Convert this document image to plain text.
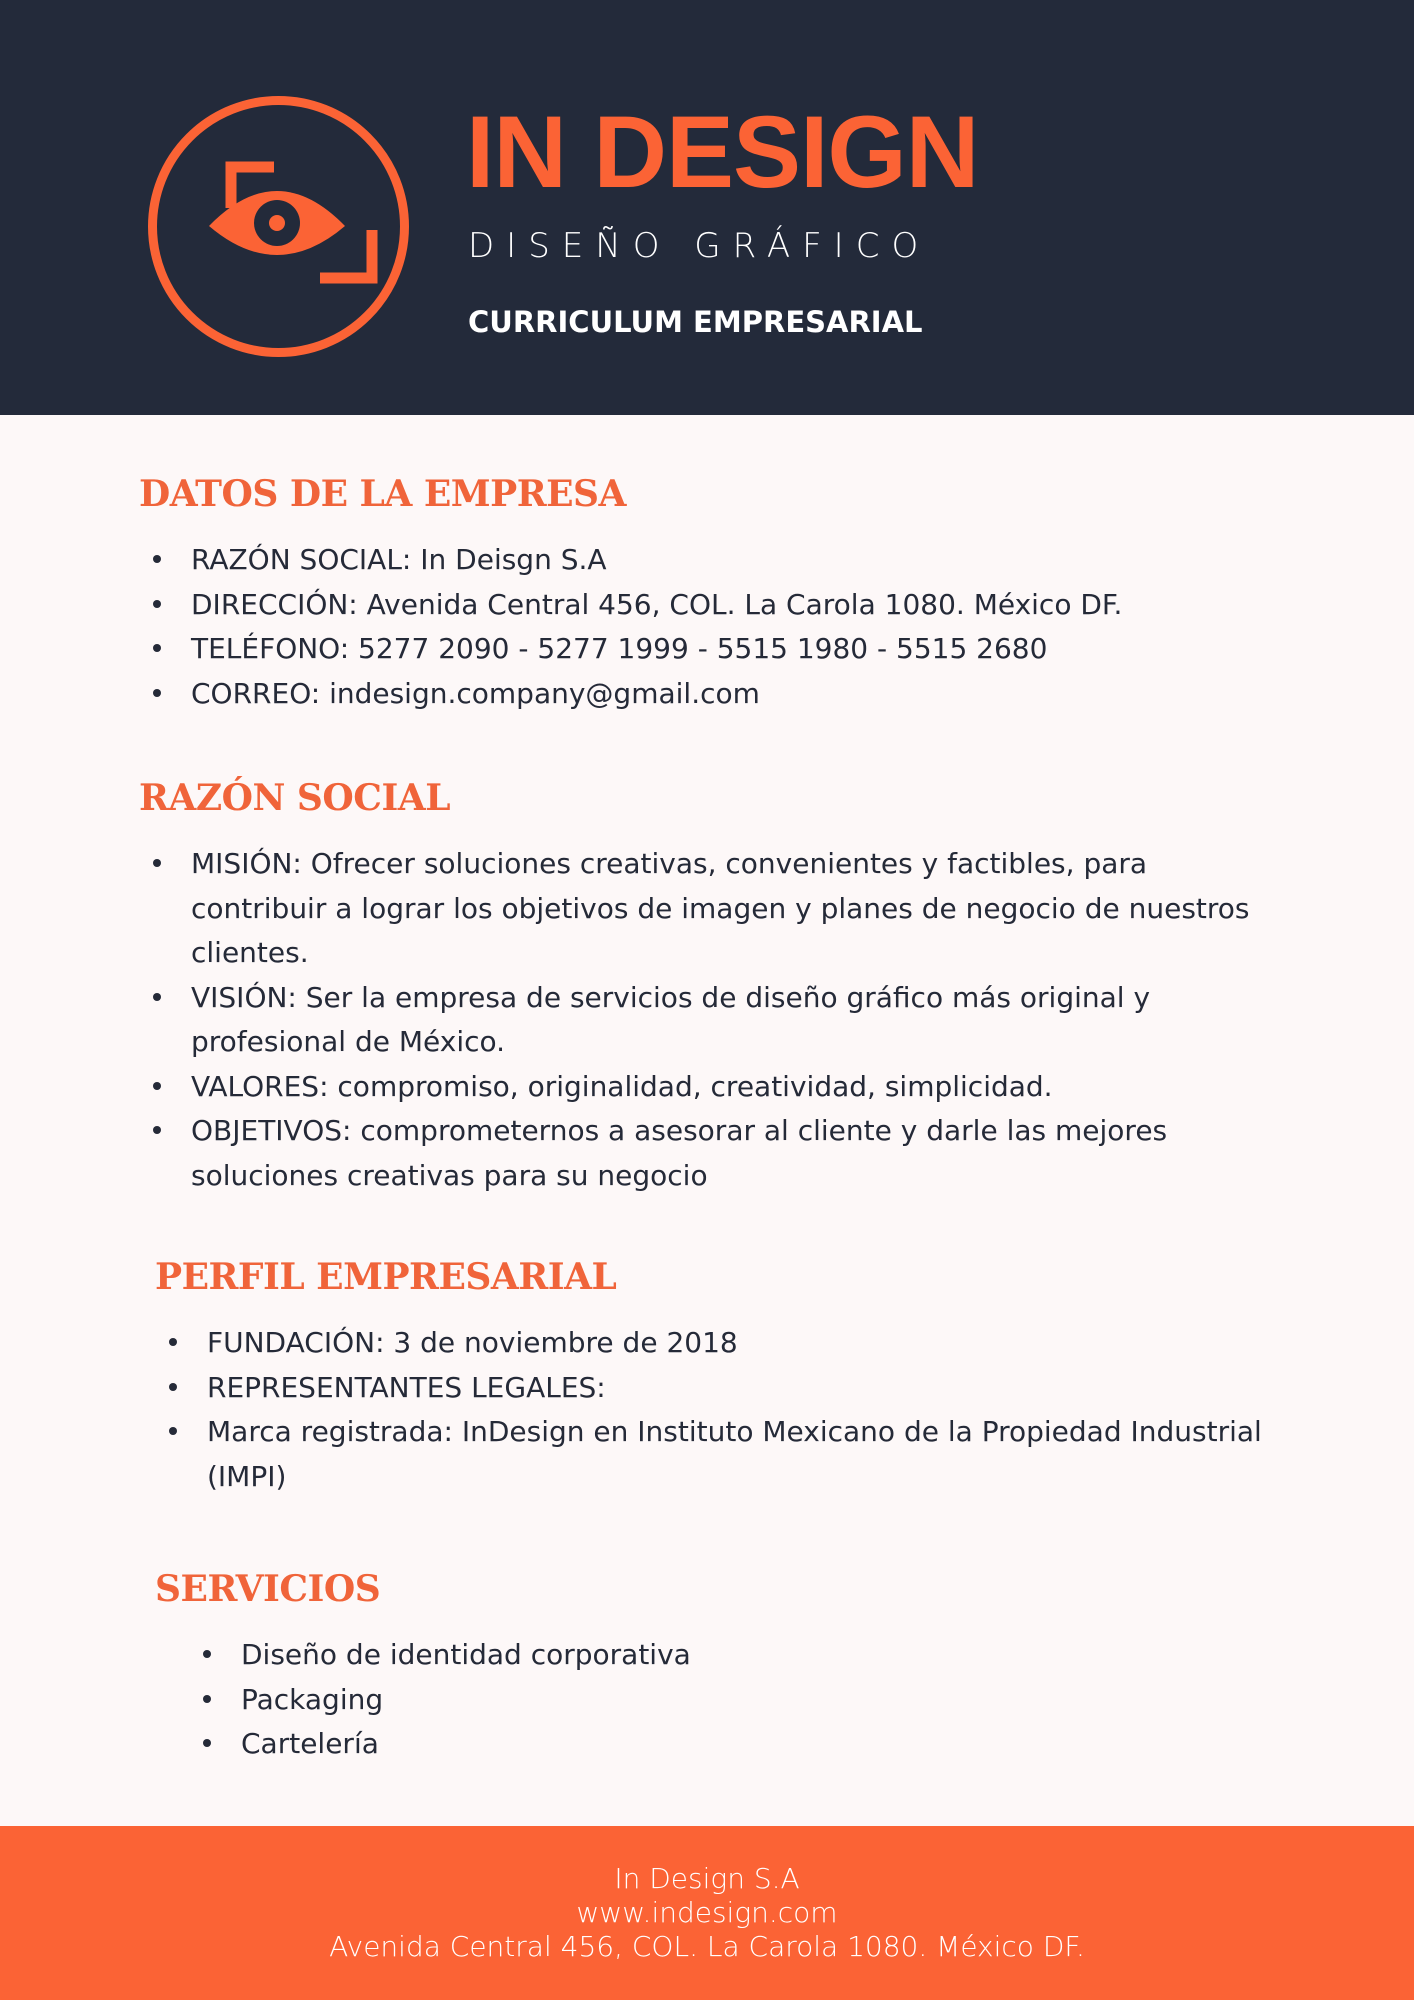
IN DESIGN
DISEÑO GRÁFICO
CURRICULUM EMPRESARIAL
DATOS DE LA EMPRESA
RAZÓN SOCIAL: In Deisgn S.A
DIRECCIÓN: Avenida Central 456, COL. La Carola 1080. México DF.
TELÉFONO: 5277 2090 - 5277 1999 - 5515 1980 - 5515 2680
CORREO: indesign.company@gmail.com
RAZÓN SOCIAL
MISIÓN: Ofrecer soluciones creativas, convenientes y factibles, para contribuir a lograr los objetivos de imagen y planes de negocio de nuestros clientes.
VISIÓN: Ser la empresa de servicios de diseño gráfico más original y profesional de México.
VALORES: compromiso, originalidad, creatividad, simplicidad.
OBJETIVOS: comprometernos a asesorar al cliente y darle las mejores soluciones creativas para su negocio
PERFIL EMPRESARIAL
FUNDACIÓN: 3 de noviembre de 2018
REPRESENTANTES LEGALES:
Marca registrada: InDesign en Instituto Mexicano de la Propiedad Industrial (IMPI)
SERVICIOS
Diseño de identidad corporativa
Packaging
Cartelería
In Design S.A
www.indesign.com
Avenida Central 456, COL. La Carola 1080. México DF.
